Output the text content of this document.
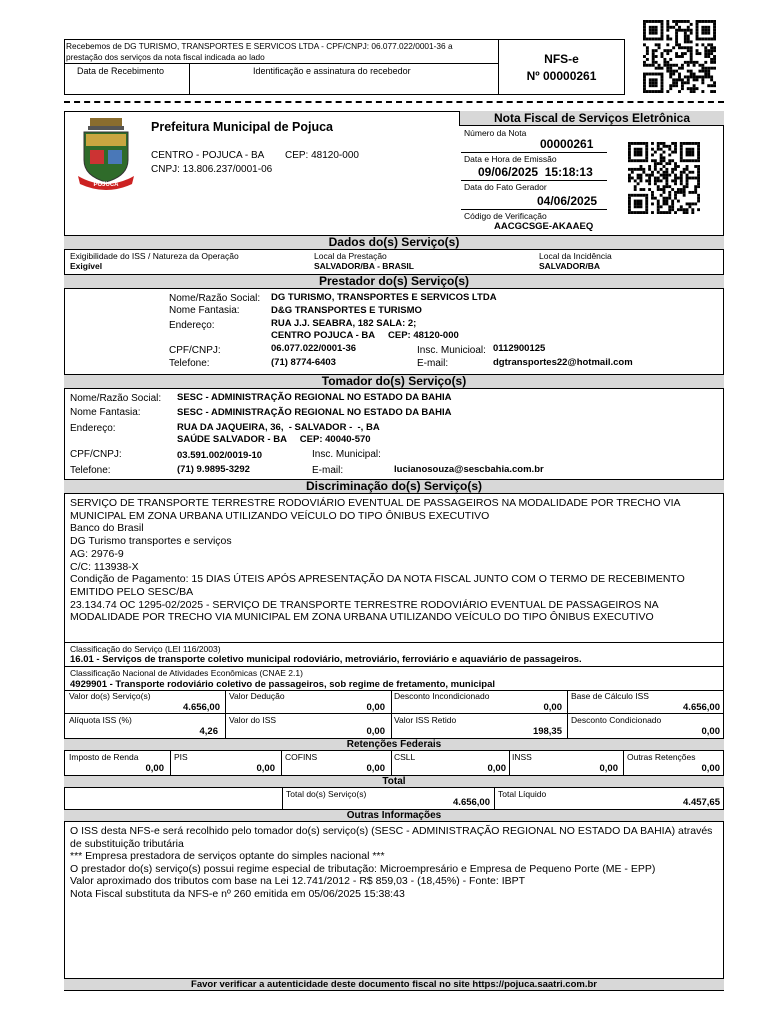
Recebemos de DG TURISMO, TRANSPORTES E SERVICOS LTDA - CPF/CNPJ: 06.077.022/0001-36 a
prestação dos serviços da nota fiscal indicada ao lado
Data de Recebimento	Identificação e assinatura do recebedor
NFS-e
Nº 00000261
POJUCA
Prefeitura Municipal de Pojuca
CENTRO - POJUCA - BA CEP: 48120-000
CNPJ: 13.806.237/0001-06
Nota Fiscal de Serviços Eletrônica
Número da Nota
00000261
Data e Hora de Emissão
09/06/2025  15:18:13
Data do Fato Gerador
04/06/2025
Código de Verificação
AACGCSGE-AKAAEQ
Dados do(s) Serviço(s)
Exigibilidade do ISS / Natureza da Operação
Exigível
Local da Prestação
SALVADOR/BA - BRASIL
Local da Incidência
SALVADOR/BA
Prestador do(s) Serviço(s)
Nome/Razão Social: DG TURISMO, TRANSPORTES E SERVICOS LTDA
Nome Fantasia:	D&G TRANSPORTES E TURISMO
Endereço:	RUA J.J. SEABRA, 182 SALA: 2;
CENTRO POJUCA - BA     CEP: 48120-000
CPF/CNPJ:	06.077.022/0001-36	Insc. Municioal: 0112900125
Telefone:	(71) 8774-6403	E-mail:	dgtransportes22@hotmail.com
Tomador do(s) Serviço(s)
Nome/Razão Social: SESC - ADMINISTRAÇÃO REGIONAL NO ESTADO DA BAHIA
Nome Fantasia:	SESC - ADMINISTRAÇÃO REGIONAL NO ESTADO DA BAHIA
Endereço:	RUA DA JAQUEIRA, 36,  - SALVADOR -  -, BA
SAÚDE SALVADOR - BA     CEP: 40040-570
CPF/CNPJ:	03.591.002/0019-10	Insc. Municipal:
Telefone:	(71) 9.9895-3292	E-mail:	lucianosouza@sescbahia.com.br
Discriminação do(s) Serviço(s)
SERVIÇO DE TRANSPORTE TERRESTRE RODOVIÁRIO EVENTUAL DE PASSAGEIROS NA MODALIDADE POR TRECHO VIA
MUNICIPAL EM ZONA URBANA UTILIZANDO VEÍCULO DO TIPO ÔNIBUS EXECUTIVO
Banco do Brasil
DG Turismo transportes e serviços
AG: 2976-9
C/C: 113938-X
Condição de Pagamento: 15 DIAS ÚTEIS APÓS APRESENTAÇÃO DA NOTA FISCAL JUNTO COM O TERMO DE RECEBIMENTO
EMITIDO PELO SESC/BA
23.134.74 OC 1295-02/2025 - SERVIÇO DE TRANSPORTE TERRESTRE RODOVIÁRIO EVENTUAL DE PASSAGEIROS NA
MODALIDADE POR TRECHO VIA MUNICIPAL EM ZONA URBANA UTILIZANDO VEÍCULO DO TIPO ÔNIBUS EXECUTIVO
Classificação do Serviço (LEI 116/2003)
16.01 - Serviços de transporte coletivo municipal rodoviário, metroviário, ferroviário e aquaviário de passageiros.
Classificação Nacional de Atividades Econômicas (CNAE 2.1)
4929901 - Transporte rodoviário coletivo de passageiros, sob regime de fretamento, municipal
Valor do(s) Serviço(s)
4.656,00
Valor Dedução
0,00
Desconto Incondicionado
0,00
Base de Cálculo ISS
4.656,00
Alíquota ISS (%)
4,26
Valor do ISS
0,00
Valor ISS Retido
198,35
Desconto Condicionado
0,00
Retenções Federais
Imposto de Renda
0,00
PIS
0,00
COFINS
0,00
CSLL
0,00
INSS
0,00
Outras Retenções
0,00
Total
Total do(s) Serviço(s)
4.656,00
Total Líquido
4.457,65
Outras Informações
O ISS desta NFS-e será recolhido pelo tomador do(s) serviço(s) (SESC - ADMINISTRAÇÃO REGIONAL NO ESTADO DA BAHIA) através
de substituição tributária
*** Empresa prestadora de serviços optante do simples nacional ***
O prestador do(s) serviço(s) possui regime especial de tributação: Microempresário e Empresa de Pequeno Porte (ME - EPP)
Valor aproximado dos tributos com base na Lei 12.741/2012 - R$ 859,03 - (18,45%) - Fonte: IBPT
Nota Fiscal substituta da NFS-e nº 260 emitida em 05/06/2025 15:38:43
Favor verificar a autenticidade deste documento fiscal no site https://pojuca.saatri.com.br
